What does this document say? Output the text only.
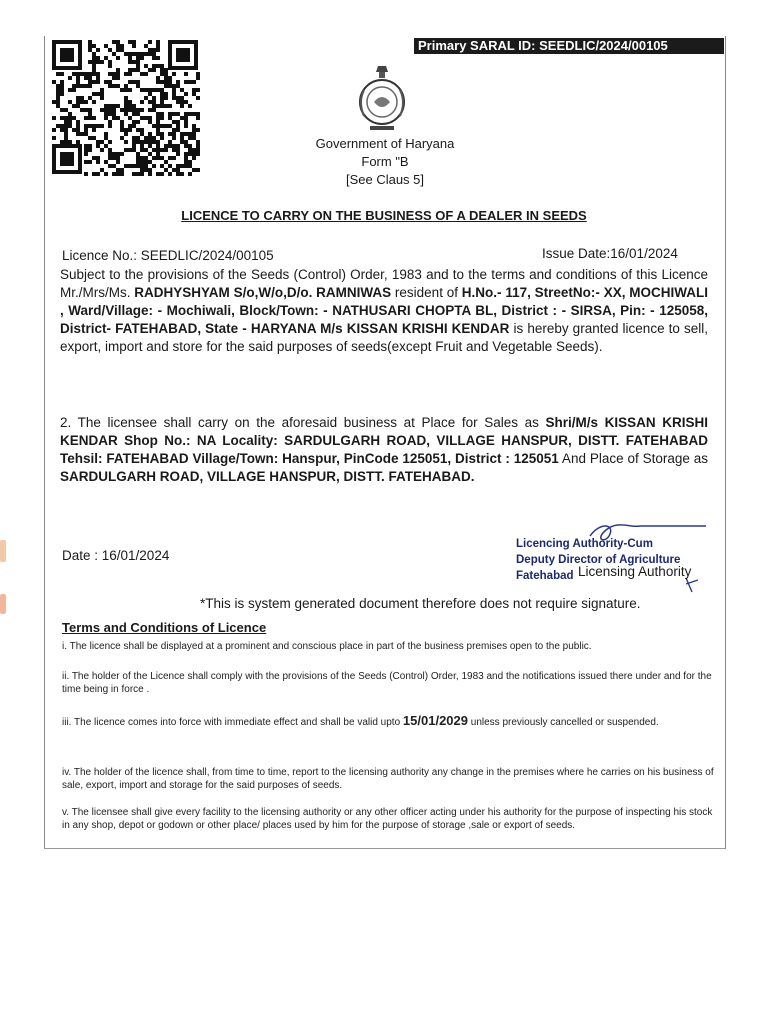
Primary SARAL ID: SEEDLIC/2024/00105
Government of Haryana
Form "B
[See Claus 5]
LICENCE TO CARRY ON THE BUSINESS OF A DEALER IN SEEDS
Licence No.: SEEDLIC/2024/00105	Issue Date:16/01/2024
Subject to the provisions of the Seeds (Control) Order, 1983 and to the terms and conditions of this Licence Mr./Mrs/Ms. RADHYSHYAM S/o,W/o,D/o. RAMNIWAS resident of H.No.- 117, StreetNo:- XX, MOCHIWALI , Ward/Village: - Mochiwali, Block/Town: - NATHUSARI CHOPTA BL, District : - SIRSA, Pin: - 125058, District- FATEHABAD, State - HARYANA M/s KISSAN KRISHI KENDAR is hereby granted licence to sell, export, import and store for the said purposes of seeds(except Fruit and Vegetable Seeds).
2. The licensee shall carry on the aforesaid business at Place for Sales as Shri/M/s KISSAN KRISHI KENDAR Shop No.: NA Locality: SARDULGARH ROAD, VILLAGE HANSPUR, DISTT. FATEHABAD Tehsil: FATEHABAD Village/Town: Hanspur, PinCode 125051, District : 125051 And Place of Storage as SARDULGARH ROAD, VILLAGE HANSPUR, DISTT. FATEHABAD.
Date : 16/01/2024
Licencing Authority-Cum
Deputy Director of Agriculture
Fatehabad Licensing Authority
*This is system generated document therefore does not require signature.
Terms and Conditions of Licence
i. The licence shall be displayed at a prominent and conscious place in part of the business premises open to the public.
ii. The holder of the Licence shall comply with the provisions of the Seeds (Control) Order, 1983 and the notifications issued there under and for the time being in force .
iii. The licence comes into force with immediate effect and shall be valid upto 15/01/2029 unless previously cancelled or suspended.
iv. The holder of the licence shall, from time to time, report to the licensing authority any change in the premises where he carries on his business of sale, export, import and storage for the said purposes of seeds.
v. The licensee shall give every facility to the licensing authority or any other officer acting under his authority for the purpose of inspecting his stock in any shop, depot or godown or other place/ places used by him for the purpose of storage ,sale or export of seeds.
